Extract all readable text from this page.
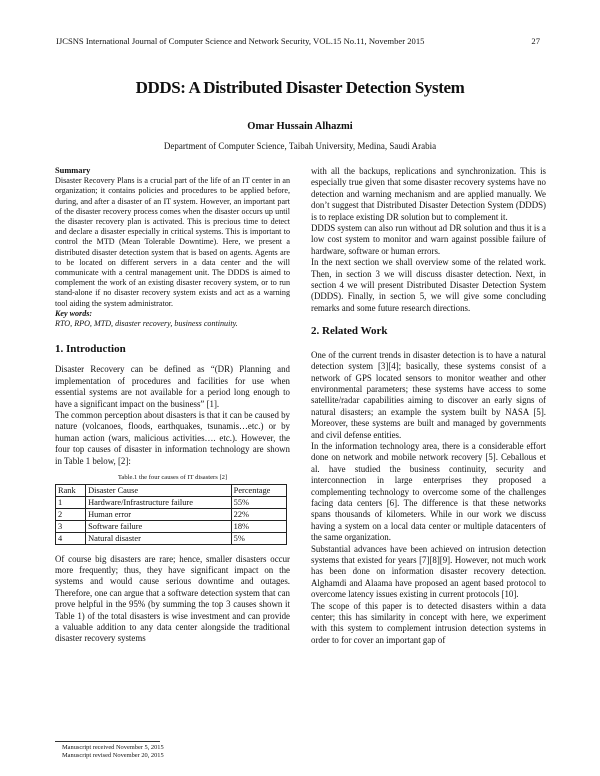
IJCSNS International Journal of Computer Science and Network Security, VOL.15 No.11, November 2015	27
DDDS: A Distributed Disaster Detection System
Omar Hussain Alhazmi
Department of Computer Science, Taibah University, Medina, Saudi Arabia

Summary

Disaster Recovery Plans is a crucial part of the life of an IT center in an organization; it contains policies and procedures to be applied before, during, and after a disaster of an IT system. However, an important part of the disaster recovery process comes when the disaster occurs up until the disaster recovery plan is activated. This is precious time to detect and declare a disaster especially in critical systems. This is important to control the MTD (Mean Tolerable Downtime). Here, we present a distributed disaster detection system that is based on agents. Agents are to be located on different servers in a data center and the will communicate with a central management unit. The DDDS is aimed to complement the work of an existing disaster recovery system, or to run stand-alone if no disaster recovery system exists and act as a warning tool aiding the system administrator.

Key words:

RTO, RPO, MTD, disaster recovery, business continuity.

1. Introduction

Disaster Recovery can be defined as “(DR) Planning and implementation of procedures and facilities for use when essential systems are not available for a period long enough to have a significant impact on the business” [1].

The common perception about disasters is that it can be caused by nature (volcanoes, floods, earthquakes, tsunamis…etc.) or by human action (wars, malicious activities…. etc.). However, the four top causes of disaster in information technology are shown in Table 1 below, [2]:

Table.1 the four causes of IT disasters [2]

Rank	Disaster Cause	Percentage
1	Hardware/Infrastructure failure	55%
2	Human error	22%
3	Software failure	18%
4	Natural disaster	5%

Of course big disasters are rare; hence, smaller disasters occur more frequently; thus, they have significant impact on the systems and would cause serious downtime and outages. Therefore, one can argue that a software detection system that can prove helpful in the 95% (by summing the top 3 causes shown it Table 1) of the total disasters is wise investment and can provide a valuable addition to any data center alongside the traditional disaster recovery systems

with all the backups, replications and synchronization. This is especially true given that some disaster recovery systems have no detection and warning mechanism and are applied manually. We don’t suggest that Distributed Disaster Detection System (DDDS) is to replace existing DR solution but to complement it.

DDDS system can also run without ad DR solution and thus it is a low cost system to monitor and warn against possible failure of hardware, software or human errors.

In the next section we shall overview some of the related work. Then, in section 3 we will discuss disaster detection. Next, in section 4 we will present Distributed Disaster Detection System (DDDS). Finally, in section 5, we will give some concluding remarks and some future research directions.

2. Related Work

One of the current trends in disaster detection is to have a natural detection system [3][4]; basically, these systems consist of a network of GPS located sensors to monitor weather and other environmental parameters; these systems have access to some satellite/radar capabilities aiming to discover an early signs of natural disasters; an example the system built by NASA [5]. Moreover, these systems are built and managed by governments and civil defense entities.

In the information technology area, there is a considerable effort done on network and mobile network recovery [5]. Ceballous et al. have studied the business continuity, security and interconnection in large enterprises they proposed a complementing technology to overcome some of the challenges facing data centers [6]. The difference is that these networks spans thousands of kilometers. While in our work we discuss having a system on a local data center or multiple datacenters of the same organization.

Substantial advances have been achieved on intrusion detection systems that existed for years [7][8][9]. However, not much work has been done on information disaster recovery detection. Alghamdi and Alaama have proposed an agent based protocol to overcome latency issues existing in current protocols [10].

The scope of this paper is to detected disasters within a data center; this has similarity in concept with here, we experiment with this system to complement intrusion detection systems in order to for cover an important gap of

Manuscript received November 5, 2015
Manuscript revised November 20, 2015
